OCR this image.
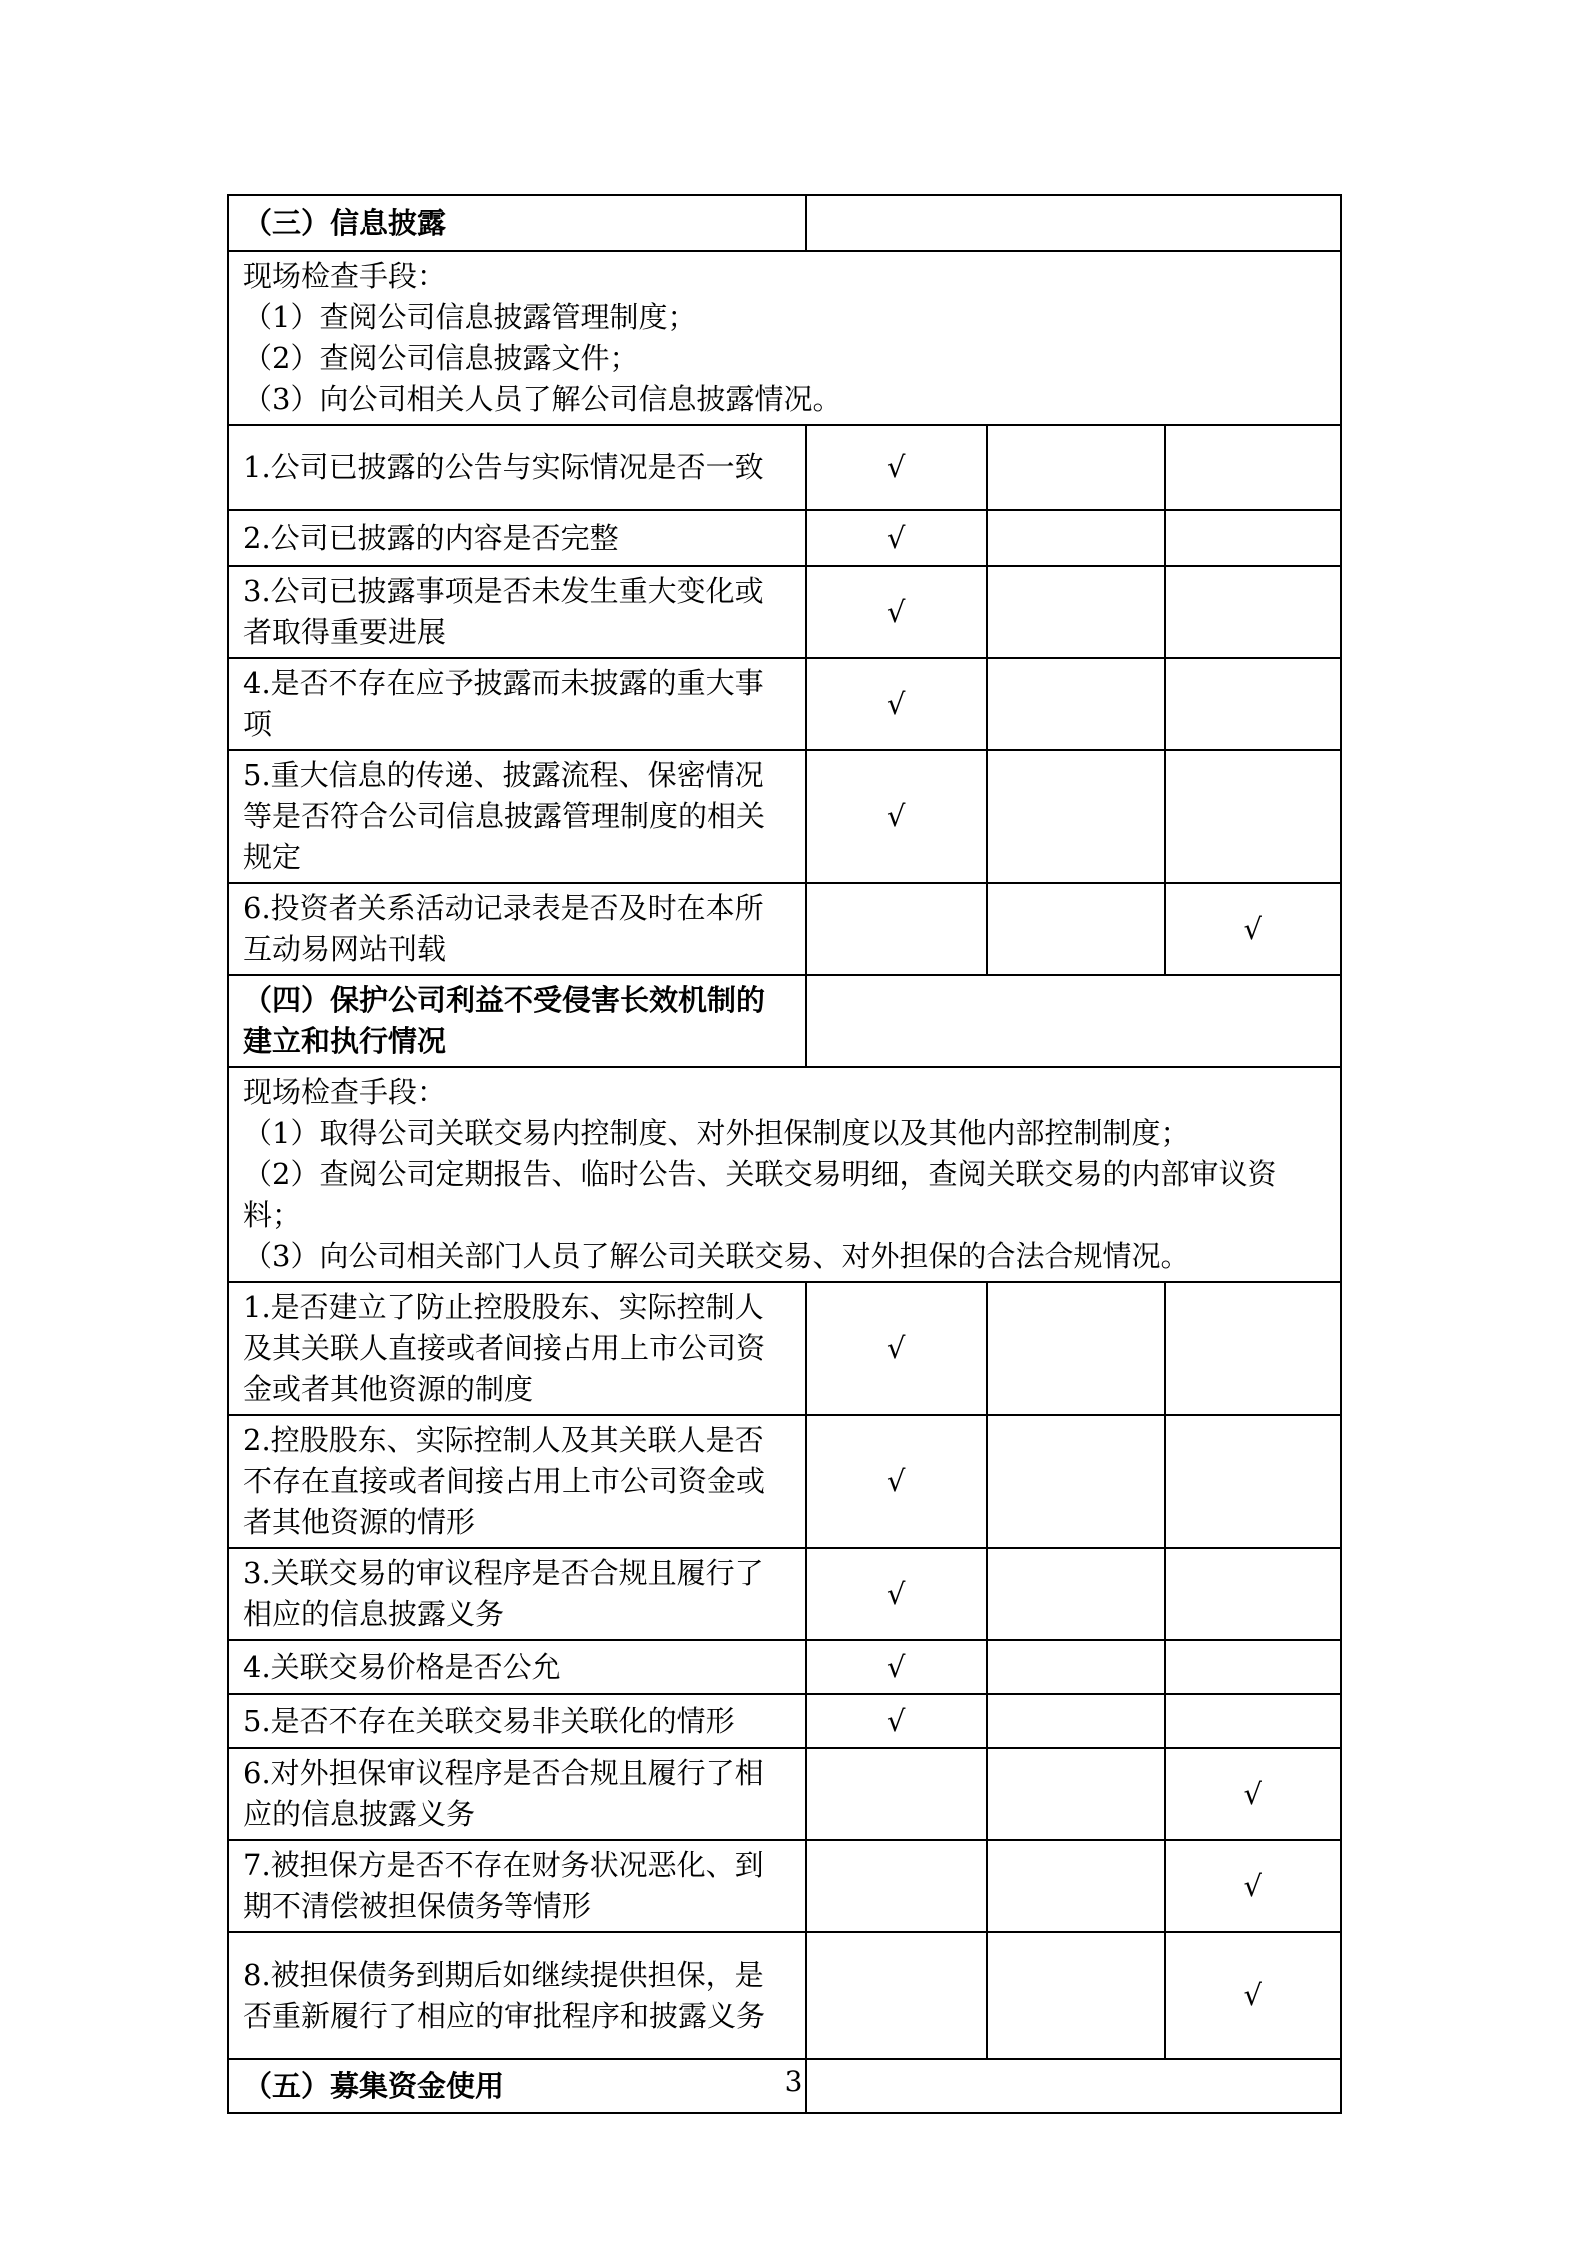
（三）信息披露			

现场检查手段：
（1）查阅公司信息披露管理制度；
（2）查阅公司信息披露文件；
（3）向公司相关人员了解公司信息披露情况。			

1.公司已披露的公告与实际情况是否一致	√		
2.公司已披露的内容是否完整	√		
3.公司已披露事项是否未发生重大变化或者取得重要进展	√		
4.是否不存在应予披露而未披露的重大事项	√		
5.重大信息的传递、披露流程、保密情况等是否符合公司信息披露管理制度的相关规定	√		
6.投资者关系活动记录表是否及时在本所互动易网站刊载			√
（四）保护公司利益不受侵害长效机制的建立和执行情况			

现场检查手段：
（1）取得公司关联交易内控制度、对外担保制度以及其他内部控制制度；
（2）查阅公司定期报告、临时公告、关联交易明细，查阅关联交易的内部审议资料；
（3）向公司相关部门人员了解公司关联交易、对外担保的合法合规情况。			

1.是否建立了防止控股股东、实际控制人及其关联人直接或者间接占用上市公司资金或者其他资源的制度	√		
2.控股股东、实际控制人及其关联人是否不存在直接或者间接占用上市公司资金或者其他资源的情形	√		
3.关联交易的审议程序是否合规且履行了相应的信息披露义务	√		
4.关联交易价格是否公允	√		
5.是否不存在关联交易非关联化的情形	√		
6.对外担保审议程序是否合规且履行了相应的信息披露义务			√
7.被担保方是否不存在财务状况恶化、到期不清偿被担保债务等情形			√
8.被担保债务到期后如继续提供担保，是否重新履行了相应的审批程序和披露义务			√
（五）募集资金使用				3
